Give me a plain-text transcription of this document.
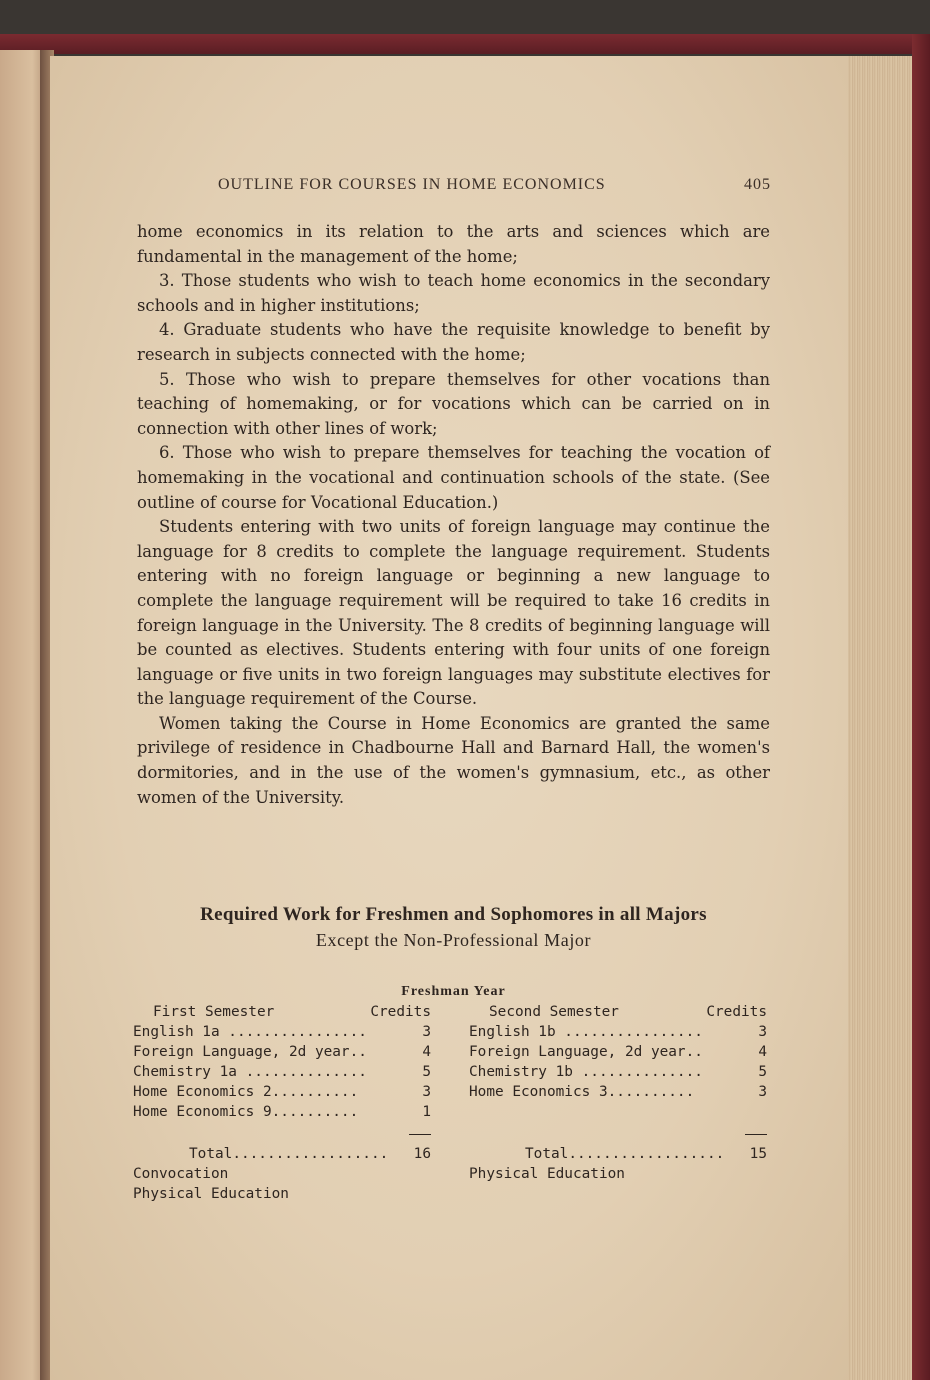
OUTLINE FOR COURSES IN HOME ECONOMICS	405

home economics in its relation to the arts and sciences which are fundamental in the management of the home;

3. Those students who wish to teach home economics in the secondary schools and in higher institutions;

4. Graduate students who have the requisite knowledge to benefit by research in subjects connected with the home;

5. Those who wish to prepare themselves for other vocations than teaching of homemaking, or for vocations which can be carried on in connection with other lines of work;

6. Those who wish to prepare themselves for teaching the vocation of homemaking in the vocational and continuation schools of the state. (See outline of course for Vocational Education.)

Students entering with two units of foreign language may continue the language for 8 credits to complete the language requirement. Students entering with no foreign language or beginning a new language to complete the language requirement will be required to take 16 credits in foreign language in the University. The 8 credits of beginning language will be counted as electives. Students entering with four units of one foreign language or five units in two foreign languages may substitute electives for the language requirement of the Course.

Women taking the Course in Home Economics are granted the same privilege of residence in Chadbourne Hall and Barnard Hall, the women's dormitories, and in the use of the women's gymnasium, etc., as other women of the University.

Required Work for Freshmen and Sophomores in all Majors
Except the Non-Professional Major
Freshman Year
First Semester	Credits
English 1a ................	3
Foreign Language, 2d year..	4
Chemistry 1a ..............	5
Home Economics 2..........	3
Home Economics 9..........	1
Total.................. 16
Convocation
Physical Education
Second Semester	Credits
English 1b ................	3
Foreign Language, 2d year..	4
Chemistry 1b ..............	5
Home Economics 3..........	3
Total.................. 15
Physical Education
